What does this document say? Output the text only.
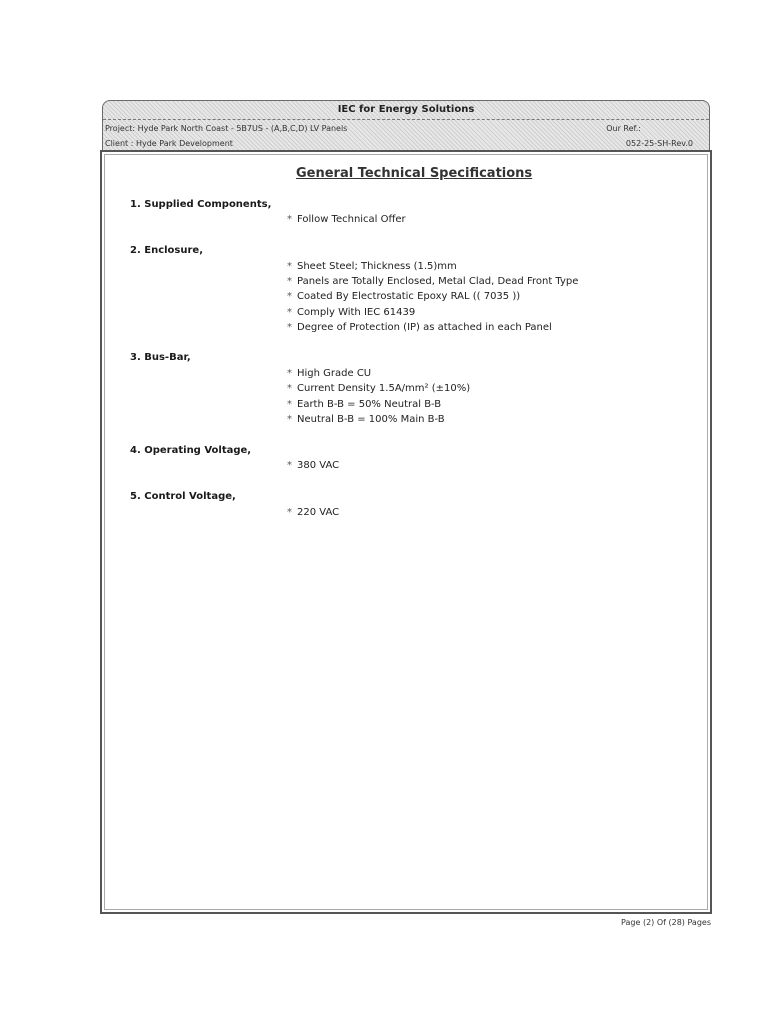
IEC for Energy Solutions
Project: Hyde Park North Coast - 5B7US - (A,B,C,D) LV Panels	Our Ref.:
Client : Hyde Park Development	052-25-SH-Rev.0
General Technical Specifications
1. Supplied Components,
* Follow Technical Offer
2. Enclosure,
* Sheet Steel; Thickness (1.5)mm
* Panels are Totally Enclosed, Metal Clad, Dead Front Type
* Coated By Electrostatic Epoxy RAL (( 7035 ))
* Comply With IEC 61439
* Degree of Protection (IP) as attached in each Panel
3. Bus-Bar,
* High Grade CU
* Current Density 1.5A/mm² (±10%)
* Earth B-B = 50% Neutral B-B
* Neutral B-B = 100% Main B-B
4. Operating Voltage,
* 380 VAC
5. Control Voltage,
* 220 VAC
Page (2) Of (28) Pages
